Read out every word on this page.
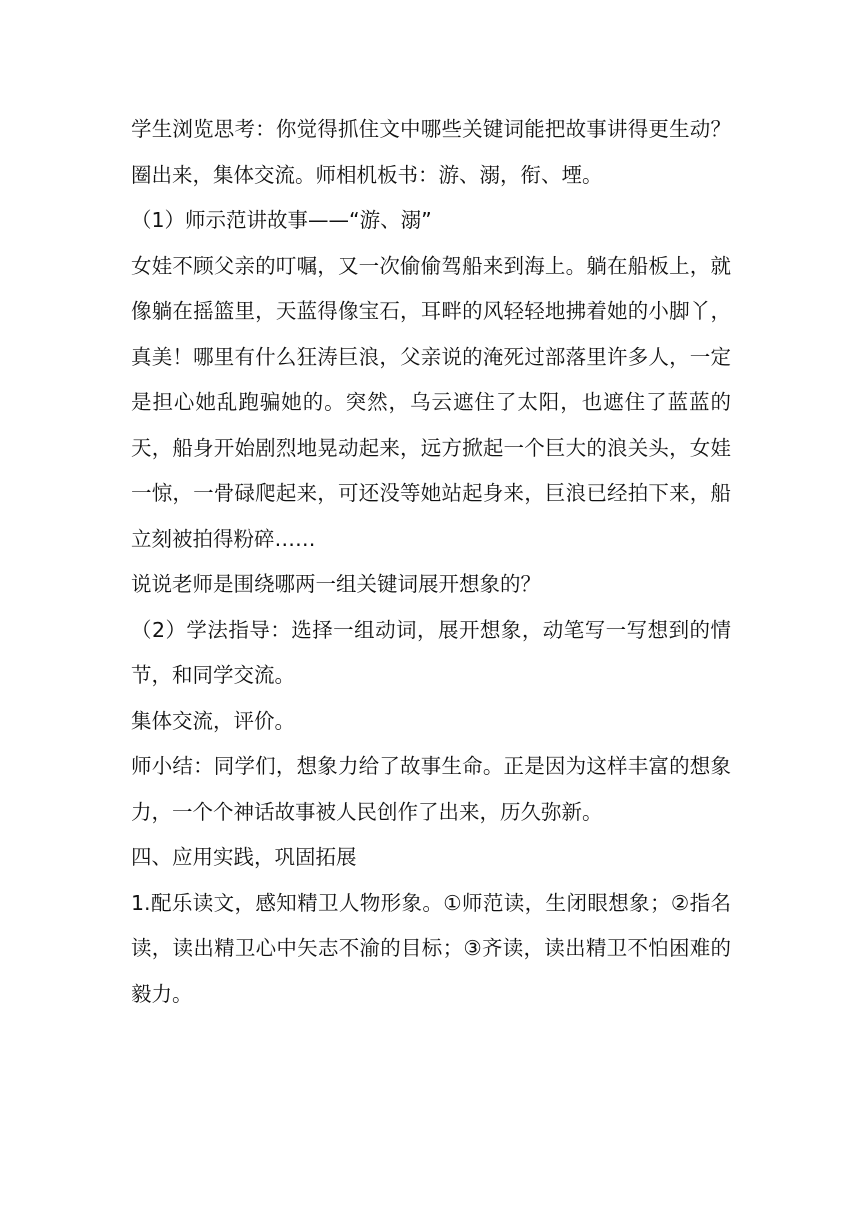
学生浏览思考：你觉得抓住文中哪些关键词能把故事讲得更生动？圈出来，集体交流。师相机板书：游、溺，衔、堙。

（1）师示范讲故事——“游、溺”

女娃不顾父亲的叮嘱，又一次偷偷驾船来到海上。躺在船板上，就像躺在摇篮里，天蓝得像宝石，耳畔的风轻轻地拂着她的小脚丫，真美！哪里有什么狂涛巨浪，父亲说的淹死过部落里许多人，一定是担心她乱跑骗她的。突然，乌云遮住了太阳，也遮住了蓝蓝的天，船身开始剧烈地晃动起来，远方掀起一个巨大的浪关头，女娃一惊，一骨碌爬起来，可还没等她站起身来，巨浪已经拍下来，船立刻被拍得粉碎……

说说老师是围绕哪两一组关键词展开想象的？

（2）学法指导：选择一组动词，展开想象，动笔写一写想到的情节，和同学交流。

集体交流，评价。

师小结：同学们，想象力给了故事生命。正是因为这样丰富的想象力，一个个神话故事被人民创作了出来，历久弥新。

四、应用实践，巩固拓展

1.配乐读文，感知精卫人物形象。①师范读，生闭眼想象；②指名读，读出精卫心中矢志不渝的目标；③齐读，读出精卫不怕困难的毅力。
